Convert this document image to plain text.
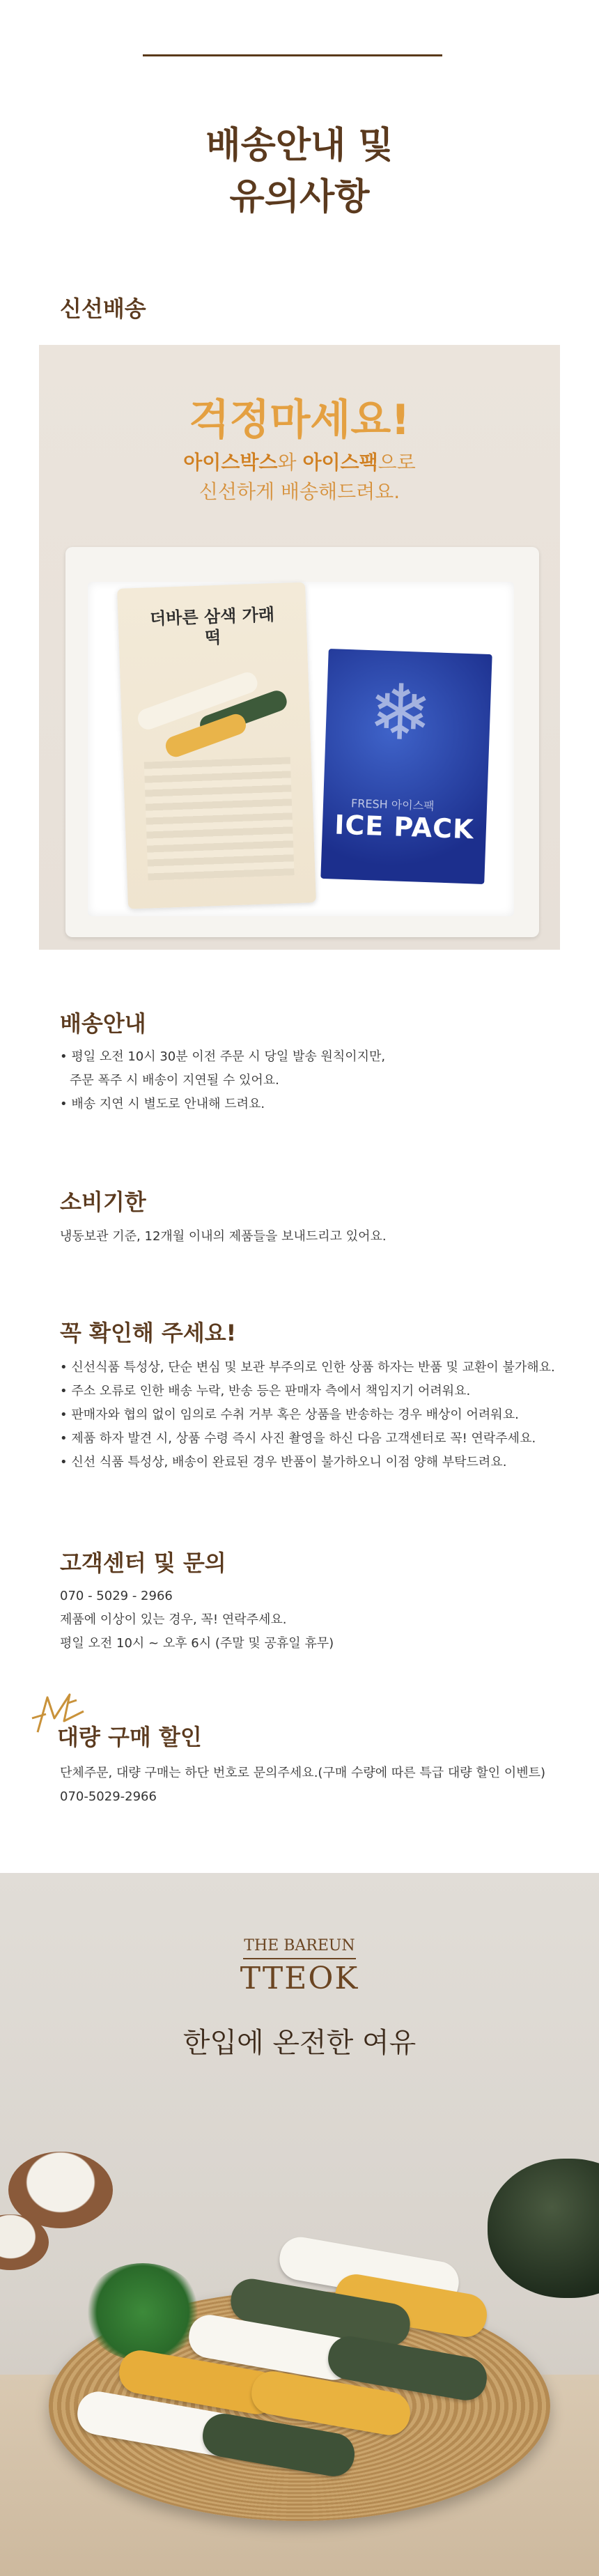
배송안내 및
유의사항
신선배송
걱정마세요!
아이스박스와 아이스팩으로
신선하게 배송해드려요.
더바른 삼색 가래떡
❄
FRESH 아이스팩
ICE PACK
배송안내
• 평일 오전 10시 30분 이전 주문 시 당일 발송 원칙이지만,
주문 폭주 시 배송이 지연될 수 있어요.
• 배송 지연 시 별도로 안내해 드려요.
소비기한
냉동보관 기준, 12개월 이내의 제품들을 보내드리고 있어요.
꼭 확인해 주세요!
• 신선식품 특성상, 단순 변심 및 보관 부주의로 인한 상품 하자는 반품 및 교환이 불가해요.
• 주소 오류로 인한 배송 누락, 반송 등은 판매자 측에서 책임지기 어려워요.
• 판매자와 협의 없이 임의로 수취 거부 혹은 상품을 반송하는 경우 배상이 어려워요.
• 제품 하자 발견 시, 상품 수령 즉시 사진 촬영을 하신 다음 고객센터로 꼭! 연락주세요.
• 신선 식품 특성상, 배송이 완료된 경우 반품이 불가하오니 이점 양해 부탁드려요.
고객센터 및 문의
070 - 5029 - 2966
제품에 이상이 있는 경우, 꼭! 연락주세요.
평일 오전 10시 ~ 오후 6시 (주말 및 공휴일 휴무)
대량 구매 할인
단체주문, 대량 구매는 하단 번호로 문의주세요.(구매 수량에 따른 특급 대량 할인 이벤트)
070-5029-2966
THE BAREUN
TTEOK
한입에 온전한 여유
